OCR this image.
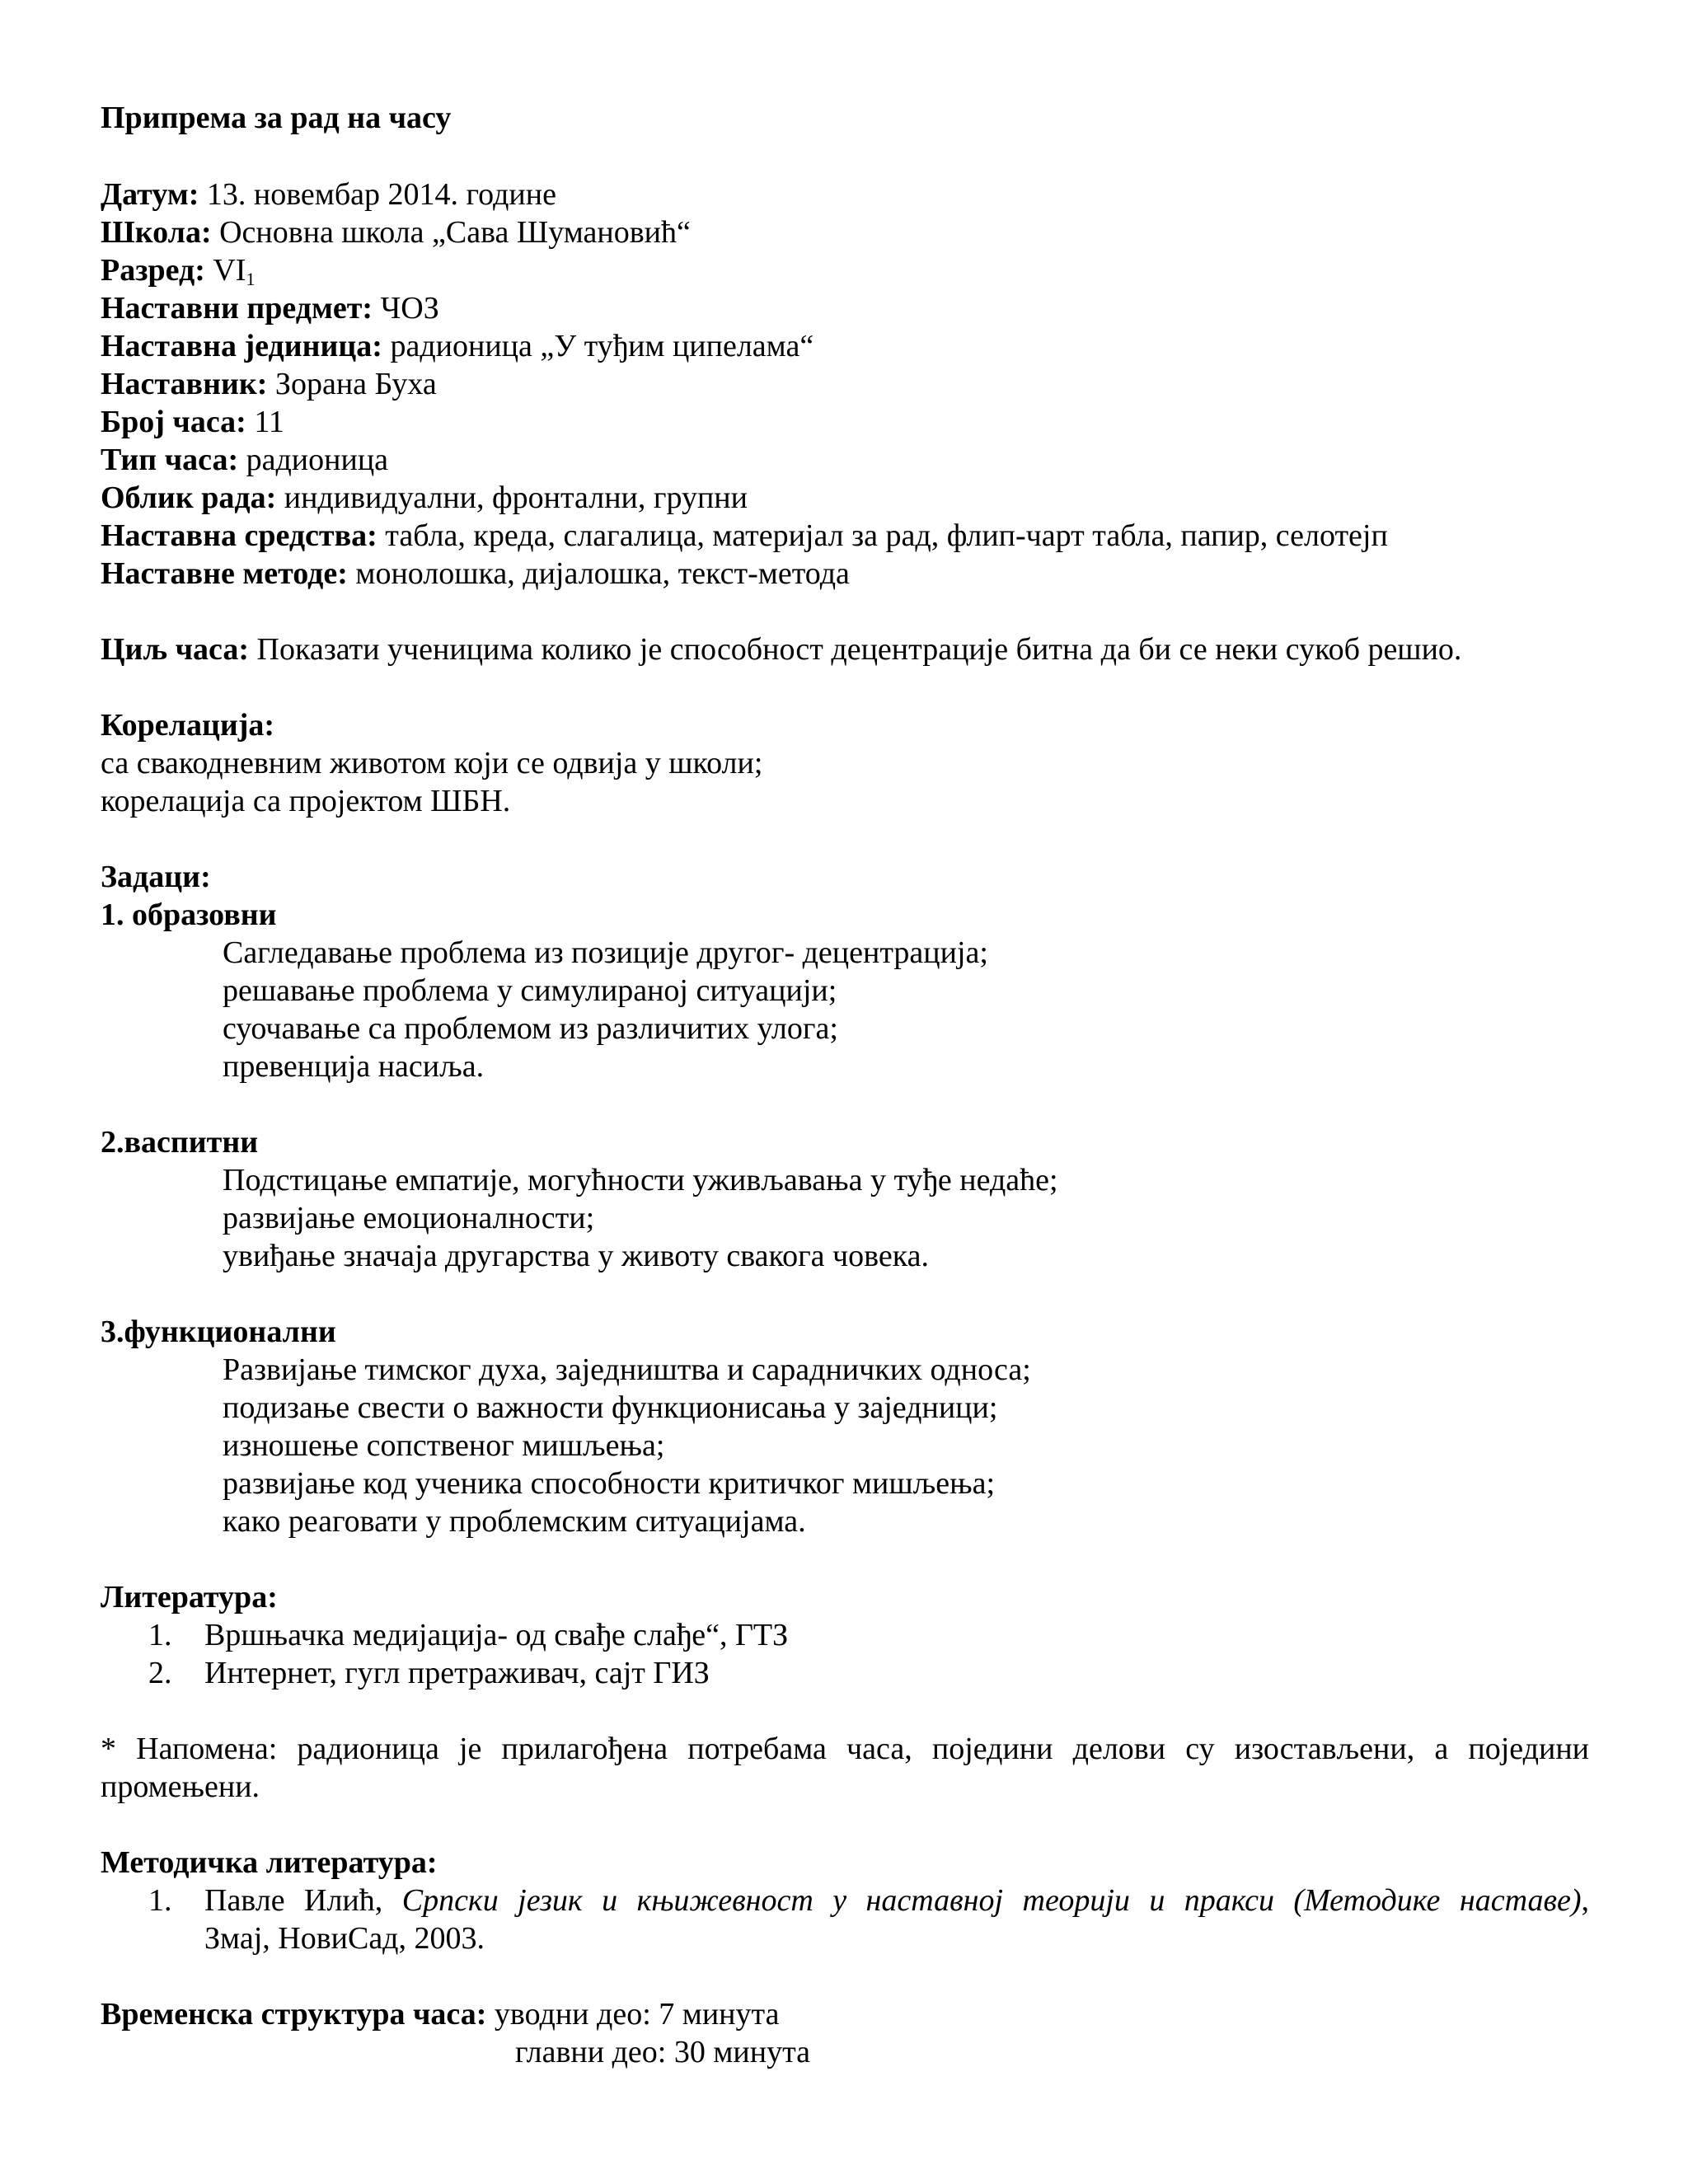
Припрема за рад на часу
Датум: 13. новембар 2014. године
Школа: Основна школа „Сава Шумановић“
Разред: $VI_1$
Наставни предмет: ЧОЗ
Наставна јединица: радионица „У туђим ципелама“
Наставник: Зорана Буха
Број часа: 11
Тип часа: радионица
Облик рада: индивидуални, фронтални, групни
Наставна средства: табла, креда, слагалица, материјал за рад, флип-чарт табла, папир, селотејп
Наставне методе: монолошка, дијалошка, текст-метода
Циљ часа: Показати ученицима колико је способност децентрације битна да би се неки сукоб решио.
Корелација:
са свакодневним животом који се одвија у школи;
корелација са пројектом ШБН.
Задаци:
1. образовни
Сагледавање проблема из позиције другог- децентрација;
решавање проблема у симулираној ситуацији;
суочавање са проблемом из различитих улога;
превенција насиља.
2.васпитни
Подстицање емпатије, могућности уживљавања у туђе недаће;
развијање емоционалности;
увиђање значаја другарства у животу свакога човека.
3.функционални
Развијање тимског духа, заједништва и сарадничких односа;
подизање свести о важности функционисања у заједници;
изношење сопственог мишљења;
развијање код ученика способности критичког мишљења;
како реаговати у проблемским ситуацијама.
Литература:
1. Вршњачка медијација- од свађе слађе“, ГТЗ
2. Интернет, гугл претраживач, сајт ГИЗ
* Напомена: радионица је прилагођена потребама часа, поједини делови су изостављени, а поједини
промењени.
Методичка литература:
1. Павле Илић, Српски језик и књижевност у наставној теорији и пракси (Методике наставе),
Змај, НовиСад, 2003.
Временска структура часа: уводни део: 7 минута
главни део: 30 минута
